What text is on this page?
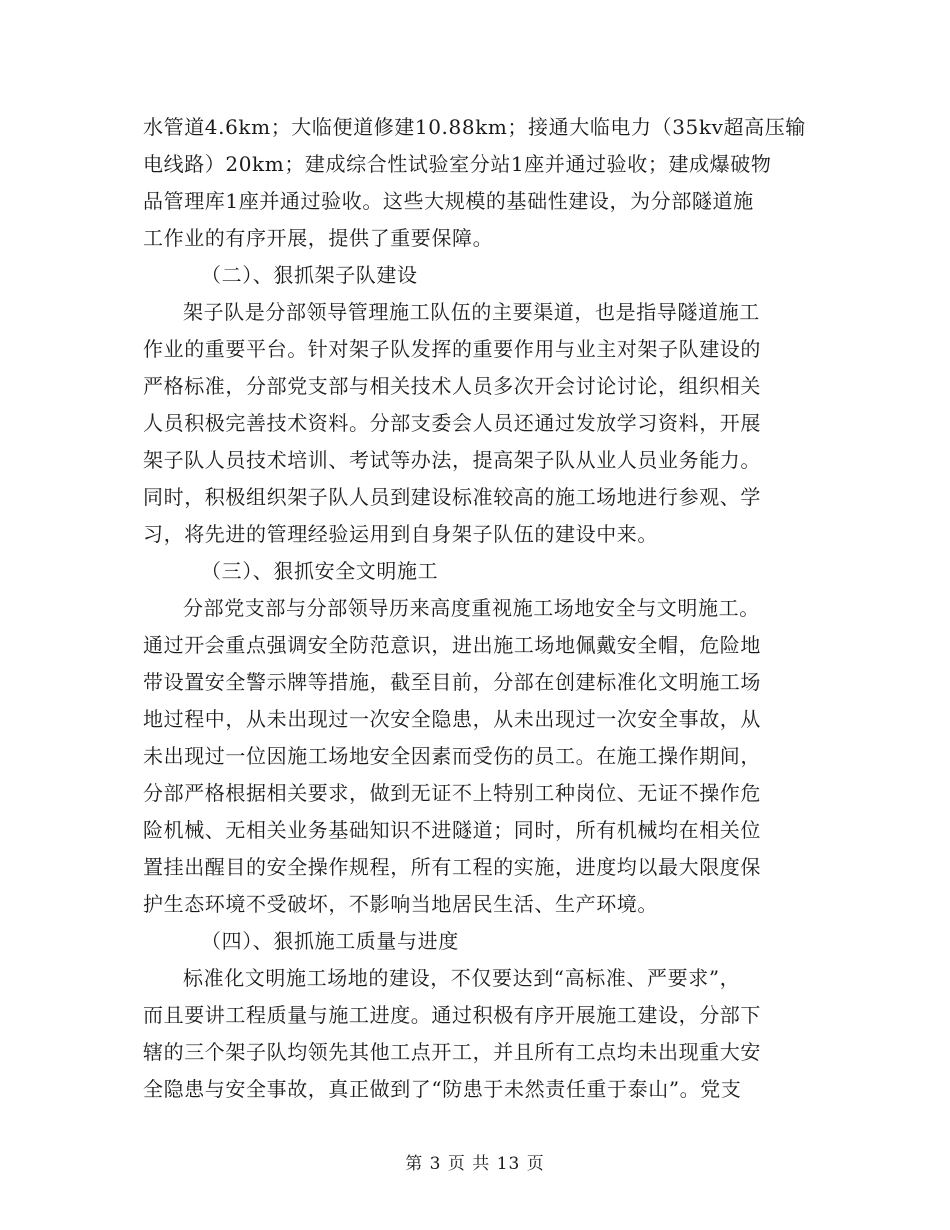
水管道4.6km；大临便道修建10.88km；接通大临电力（35kv超高压输
电线路）20km；建成综合性试验室分站1座并通过验收；建成爆破物
品管理库1座并通过验收。这些大规模的基础性建设，为分部隧道施
工作业的有序开展，提供了重要保障。
（二）、狠抓架子队建设
架子队是分部领导管理施工队伍的主要渠道，也是指导隧道施工
作业的重要平台。针对架子队发挥的重要作用与业主对架子队建设的
严格标准，分部党支部与相关技术人员多次开会讨论讨论，组织相关
人员积极完善技术资料。分部支委会人员还通过发放学习资料，开展
架子队人员技术培训、考试等办法，提高架子队从业人员业务能力。
同时，积极组织架子队人员到建设标准较高的施工场地进行参观、学
习，将先进的管理经验运用到自身架子队伍的建设中来。
（三）、狠抓安全文明施工
分部党支部与分部领导历来高度重视施工场地安全与文明施工。
通过开会重点强调安全防范意识，进出施工场地佩戴安全帽，危险地
带设置安全警示牌等措施，截至目前，分部在创建标准化文明施工场
地过程中，从未出现过一次安全隐患，从未出现过一次安全事故，从
未出现过一位因施工场地安全因素而受伤的员工。在施工操作期间，
分部严格根据相关要求，做到无证不上特别工种岗位、无证不操作危
险机械、无相关业务基础知识不进隧道；同时，所有机械均在相关位
置挂出醒目的安全操作规程，所有工程的实施，进度均以最大限度保
护生态环境不受破坏，不影响当地居民生活、生产环境。
（四）、狠抓施工质量与进度
标准化文明施工场地的建设，不仅要达到“高标准、严要求”，
而且要讲工程质量与施工进度。通过积极有序开展施工建设，分部下
辖的三个架子队均领先其他工点开工，并且所有工点均未出现重大安
全隐患与安全事故，真正做到了“防患于未然责任重于泰山”。党支
第 3 页 共 13 页
